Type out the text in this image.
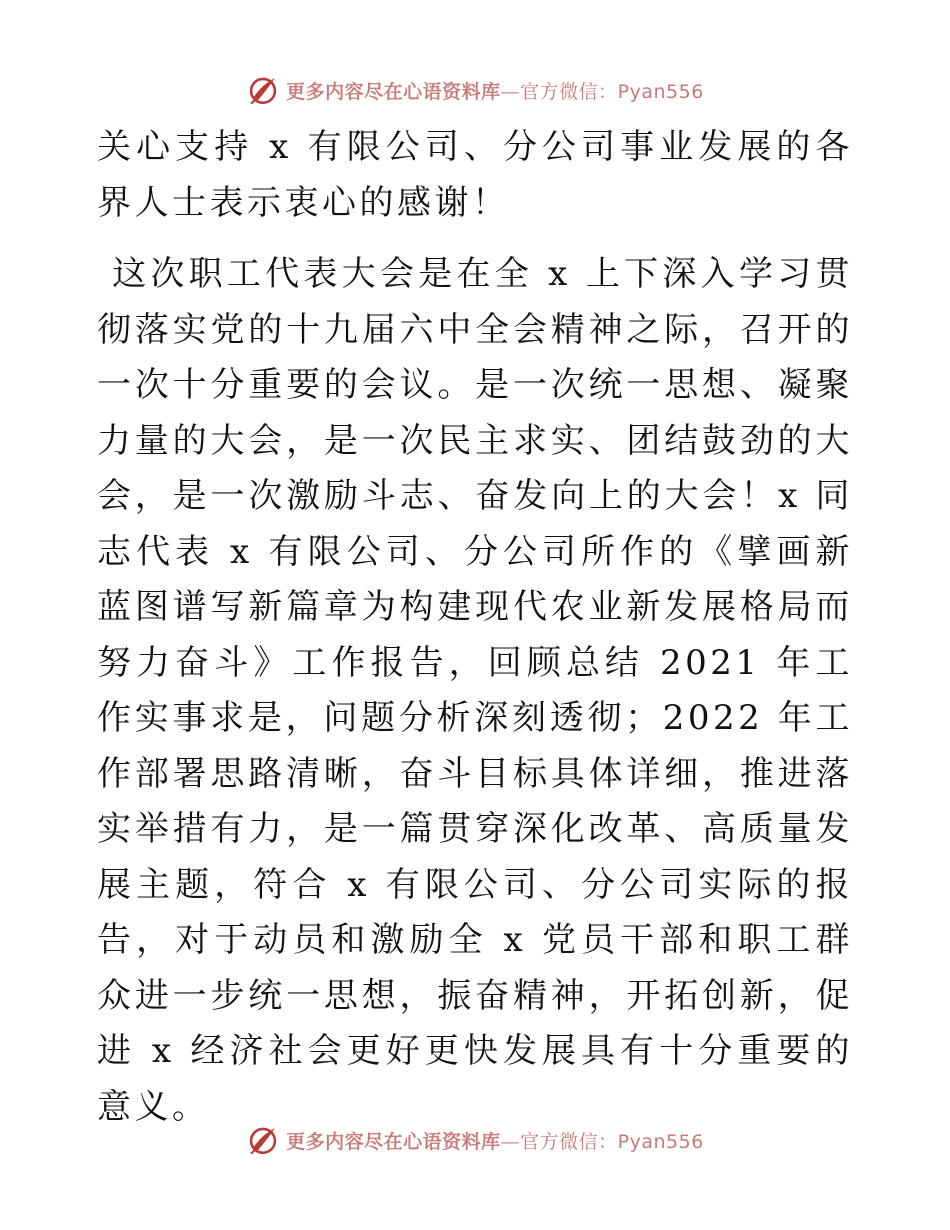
更多内容尽在心语资料库—官方微信：Pyan556

关心支持 x 有限公司、分公司事业发展的各界人士表示衷心的感谢！

这次职工代表大会是在全 x 上下深入学习贯彻落实党的十九届六中全会精神之际，召开的一次十分重要的会议。是一次统一思想、凝聚力量的大会，是一次民主求实、团结鼓劲的大会，是一次激励斗志、奋发向上的大会！x 同志代表 x 有限公司、分公司所作的《擘画新蓝图谱写新篇章为构建现代农业新发展格局而努力奋斗》工作报告，回顾总结 2021 年工作实事求是，问题分析深刻透彻；2022 年工作部署思路清晰，奋斗目标具体详细，推进落实举措有力，是一篇贯穿深化改革、高质量发展主题，符合 x 有限公司、分公司实际的报告，对于动员和激励全 x 党员干部和职工群众进一步统一思想，振奋精神，开拓创新，促进 x 经济社会更好更快发展具有十分重要的意义。

更多内容尽在心语资料库—官方微信：Pyan556
